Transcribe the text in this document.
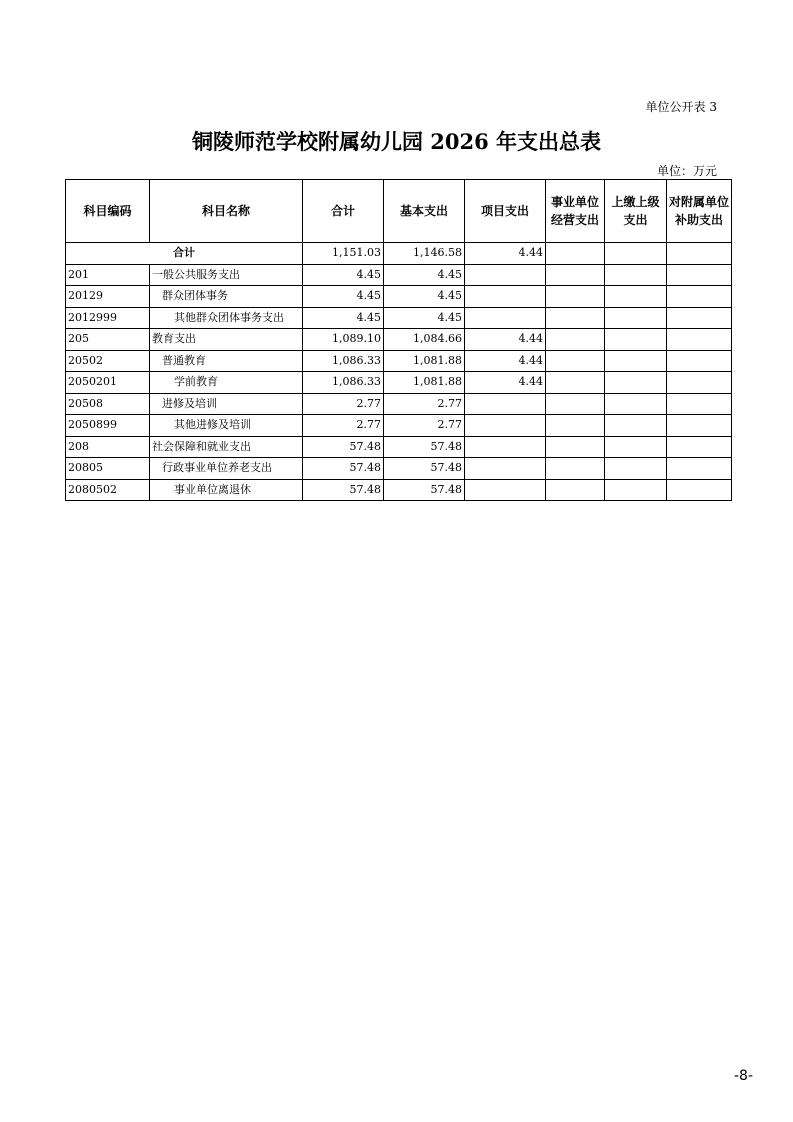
单位公开表 3
铜陵师范学校附属幼儿园 2026 年支出总表
单位：万元
科目编码	科目名称	合计	基本支出	项目支出	事业单位经营支出	上缴上级支出	对附属单位补助支出
合计		1,151.03	1,146.58	4.44			
201	一般公共服务支出	4.45	4.45				
20129	群众团体事务	4.45	4.45				
2012999	其他群众团体事务支出	4.45	4.45				
205	教育支出	1,089.10	1,084.66	4.44			
20502	普通教育	1,086.33	1,081.88	4.44			
2050201	学前教育	1,086.33	1,081.88	4.44			
20508	进修及培训	2.77	2.77				
2050899	其他进修及培训	2.77	2.77				
208	社会保障和就业支出	57.48	57.48				
20805	行政事业单位养老支出	57.48	57.48				
2080502	事业单位离退休	57.48	57.48				
-8-
